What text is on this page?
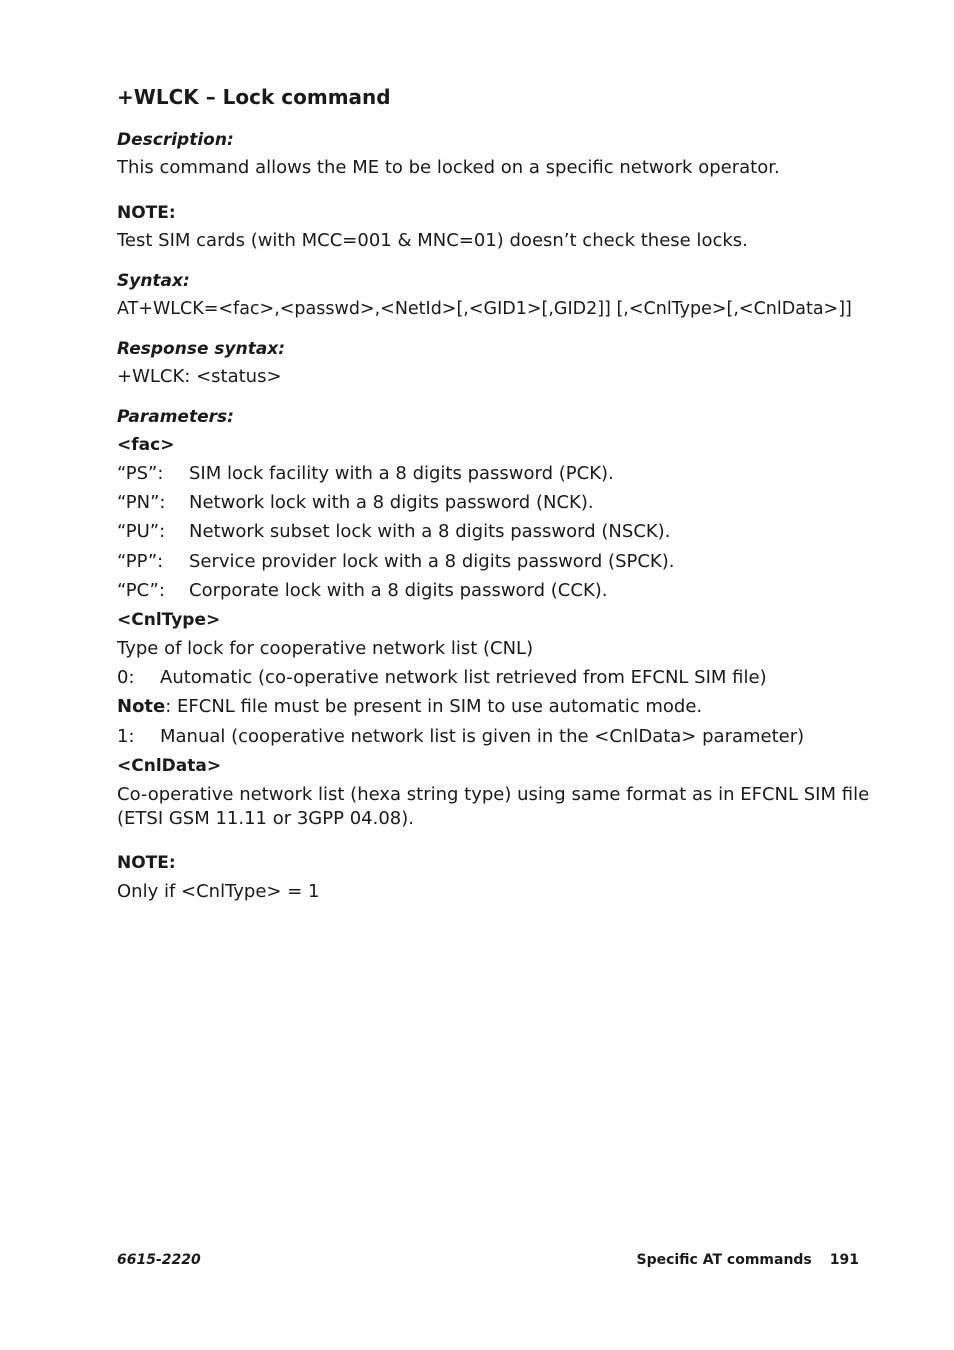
+WLCK – Lock command
Description:
This command allows the ME to be locked on a specific network operator.
NOTE:
Test SIM cards (with MCC=001 & MNC=01) doesn’t check these locks.
Syntax:
AT+WLCK=<fac>,<passwd>,<NetId>[,<GID1>[,GID2]] [,<CnlType>[,<CnlData>]]
Response syntax:
+WLCK: <status>
Parameters:
<fac>
“PS”: SIM lock facility with a 8 digits password (PCK).
“PN”: Network lock with a 8 digits password (NCK).
“PU”: Network subset lock with a 8 digits password (NSCK).
“PP”: Service provider lock with a 8 digits password (SPCK).
“PC”: Corporate lock with a 8 digits password (CCK).
<CnlType>
Type of lock for cooperative network list (CNL)
0: Automatic (co-operative network list retrieved from EFCNL SIM file)
Note: EFCNL file must be present in SIM to use automatic mode.
1: Manual (cooperative network list is given in the <CnlData> parameter)
<CnlData>
Co-operative network list (hexa string type) using same format as in EFCNL SIM file
(ETSI GSM 11.11 or 3GPP 04.08).
NOTE:
Only if <CnlType> = 1
6615-2220	Specific AT commands 191
